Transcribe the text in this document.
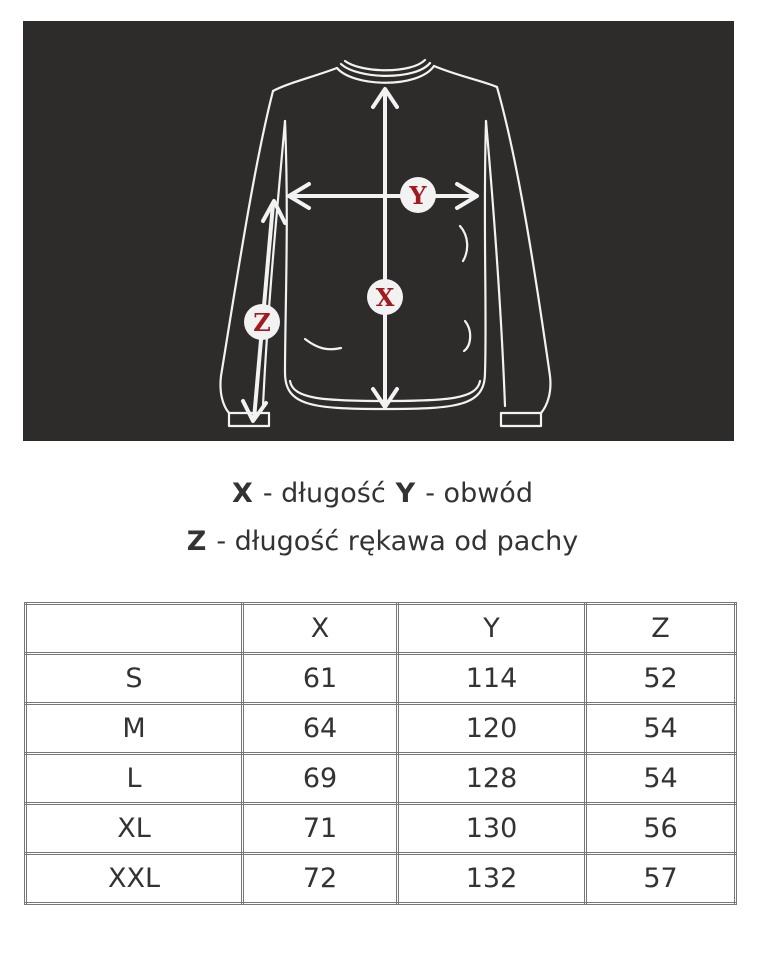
Y
X
Z
X - długość Y - obwód
Z - długość rękawa od pachy
	X	Y	Z
S	61	114	52
M	64	120	54
L	69	128	54
XL	71	130	56
XXL	72	132	57
